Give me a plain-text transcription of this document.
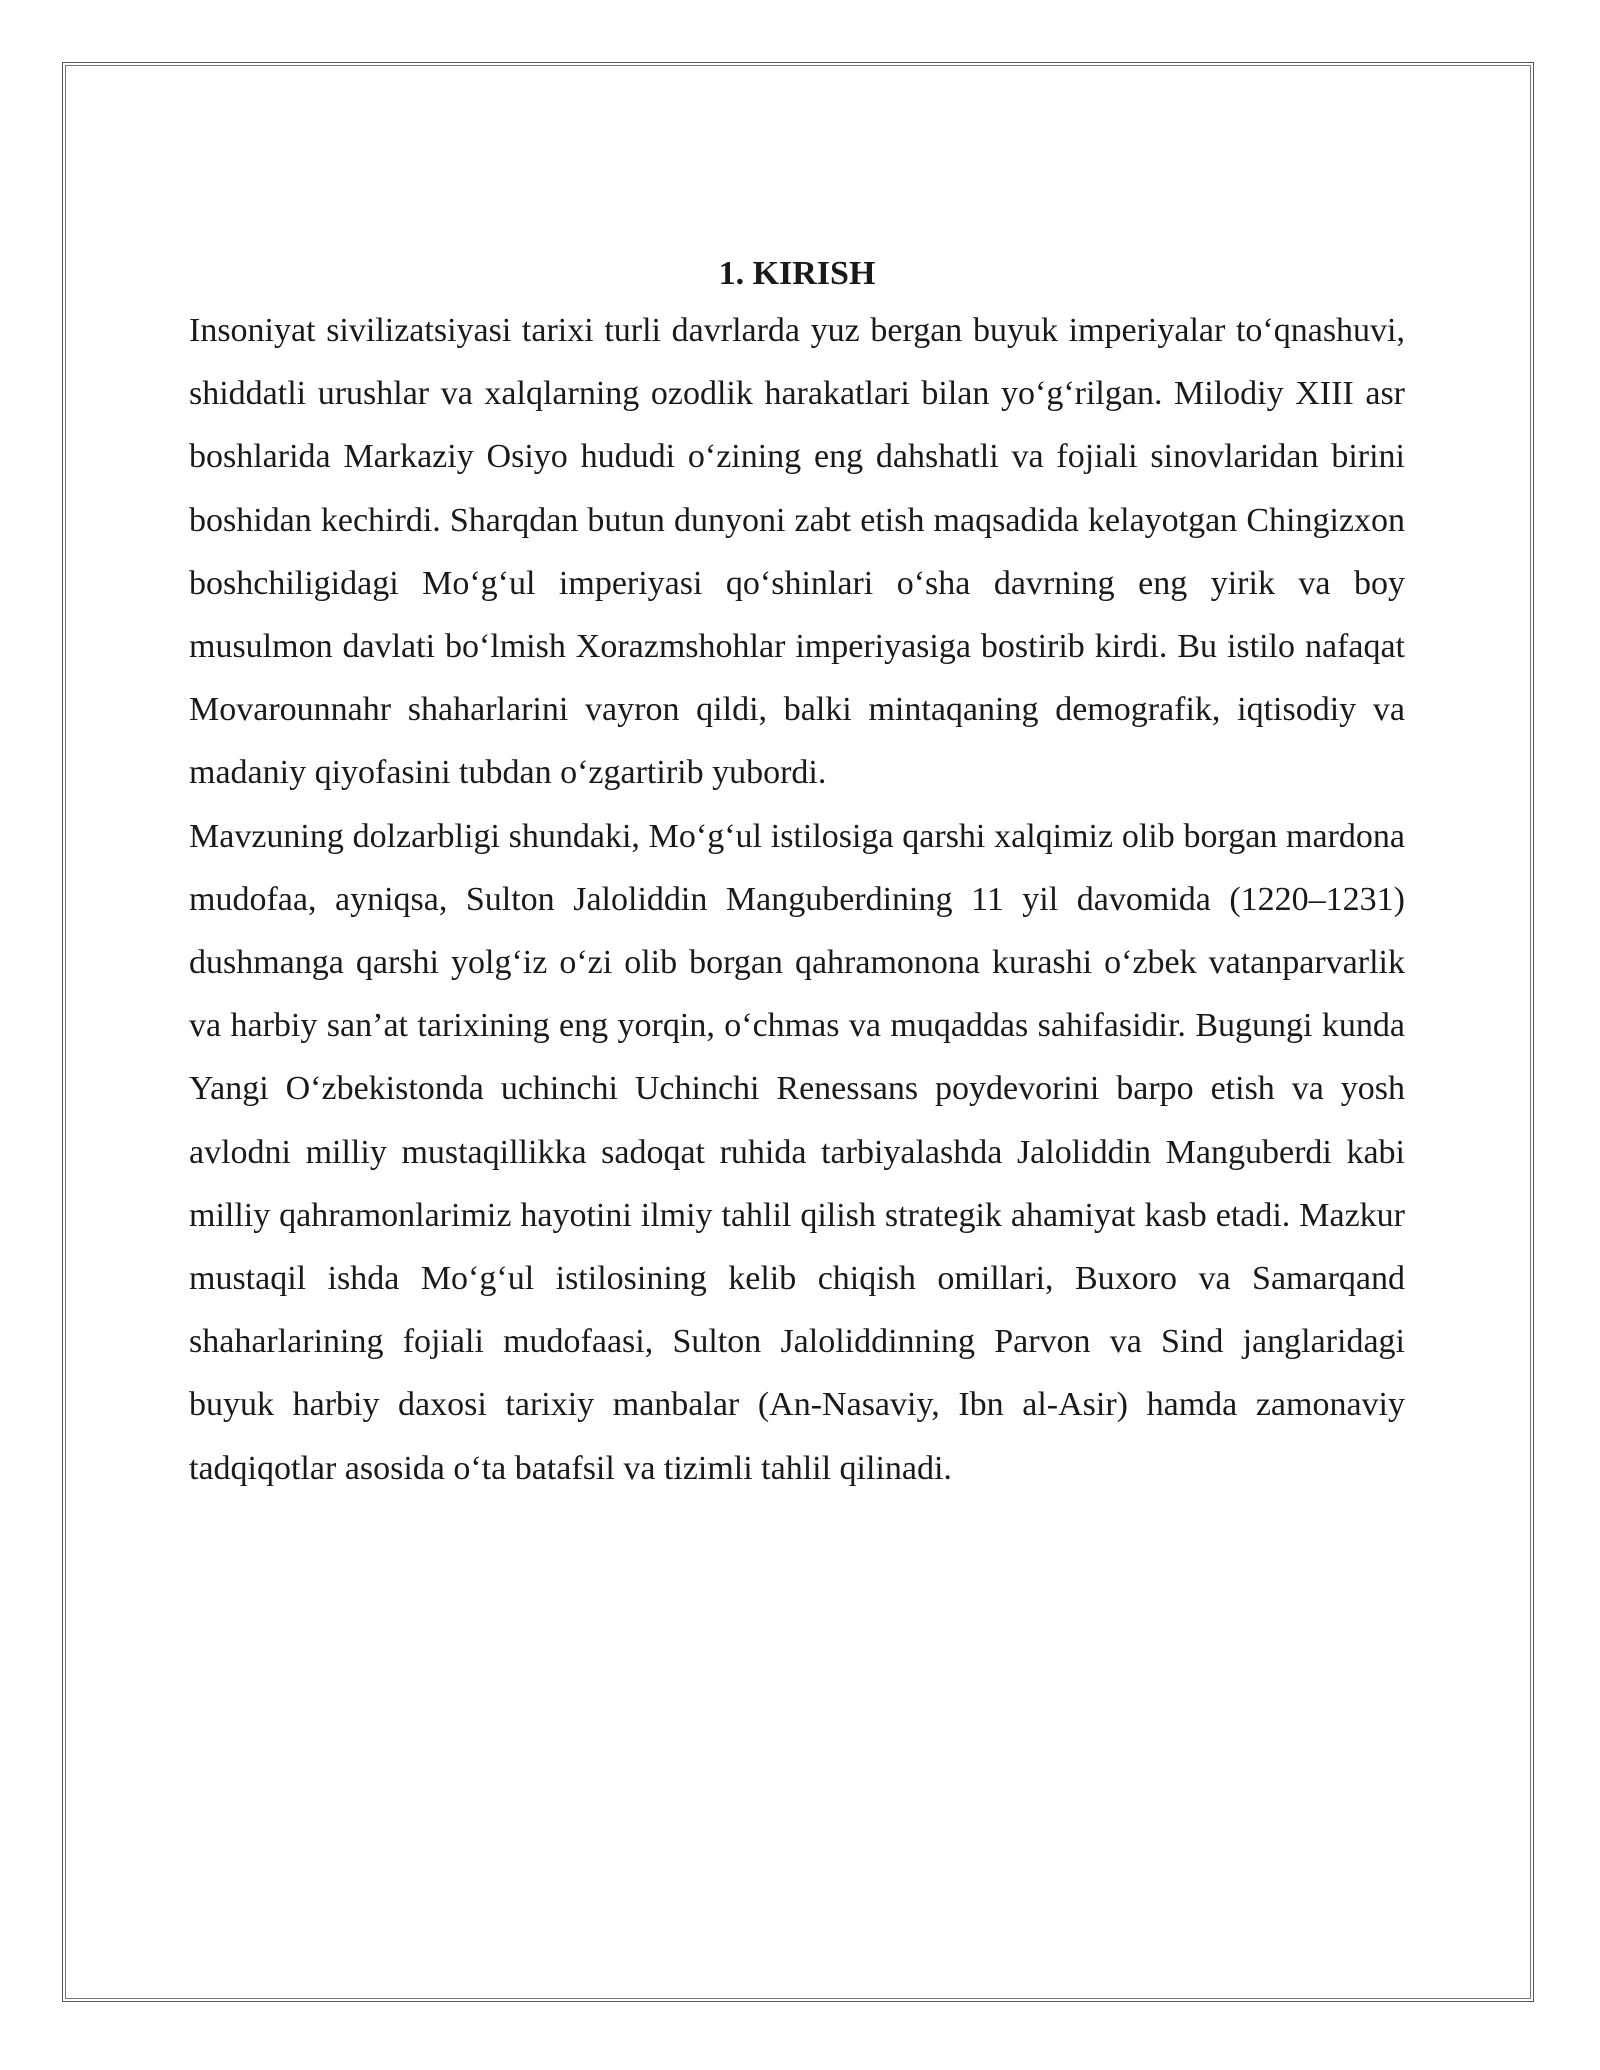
1. KIRISH

Insoniyat sivilizatsiyasi tarixi turli davrlarda yuz bergan buyuk imperiyalar to‘qnashuvi, shiddatli urushlar va xalqlarning ozodlik harakatlari bilan yo‘g‘rilgan. Milodiy XIII asr boshlarida Markaziy Osiyo hududi o‘zining eng dahshatli va fojiali sinovlaridan birini boshidan kechirdi. Sharqdan butun dunyoni zabt etish maqsadida kelayotgan Chingizxon boshchiligidagi Mo‘g‘ul imperiyasi qo‘shinlari o‘sha davrning eng yirik va boy musulmon davlati bo‘lmish Xorazmshohlar imperiyasiga bostirib kirdi. Bu istilo nafaqat Movarounnahr shaharlarini vayron qildi, balki mintaqaning demografik, iqtisodiy va madaniy qiyofasini tubdan o‘zgartirib yubordi.

Mavzuning dolzarbligi shundaki, Mo‘g‘ul istilosiga qarshi xalqimiz olib borgan mardona mudofaa, ayniqsa, Sulton Jaloliddin Manguberdining 11 yil davomida (1220–1231) dushmanga qarshi yolg‘iz o‘zi olib borgan qahramonona kurashi o‘zbek vatanparvarlik va harbiy san’at tarixining eng yorqin, o‘chmas va muqaddas sahifasidir. Bugungi kunda Yangi O‘zbekistonda uchinchi Uchinchi Renessans poydevorini barpo etish va yosh avlodni milliy mustaqillikka sadoqat ruhida tarbiyalashda Jaloliddin Manguberdi kabi milliy qahramonlarimiz hayotini ilmiy tahlil qilish strategik ahamiyat kasb etadi. Mazkur mustaqil ishda Mo‘g‘ul istilosining kelib chiqish omillari, Buxoro va Samarqand shaharlarining fojiali mudofaasi, Sulton Jaloliddinning Parvon va Sind janglaridagi buyuk harbiy daxosi tarixiy manbalar (An-Nasaviy, Ibn al-Asir) hamda zamonaviy tadqiqotlar asosida o‘ta batafsil va tizimli tahlil qilinadi.
